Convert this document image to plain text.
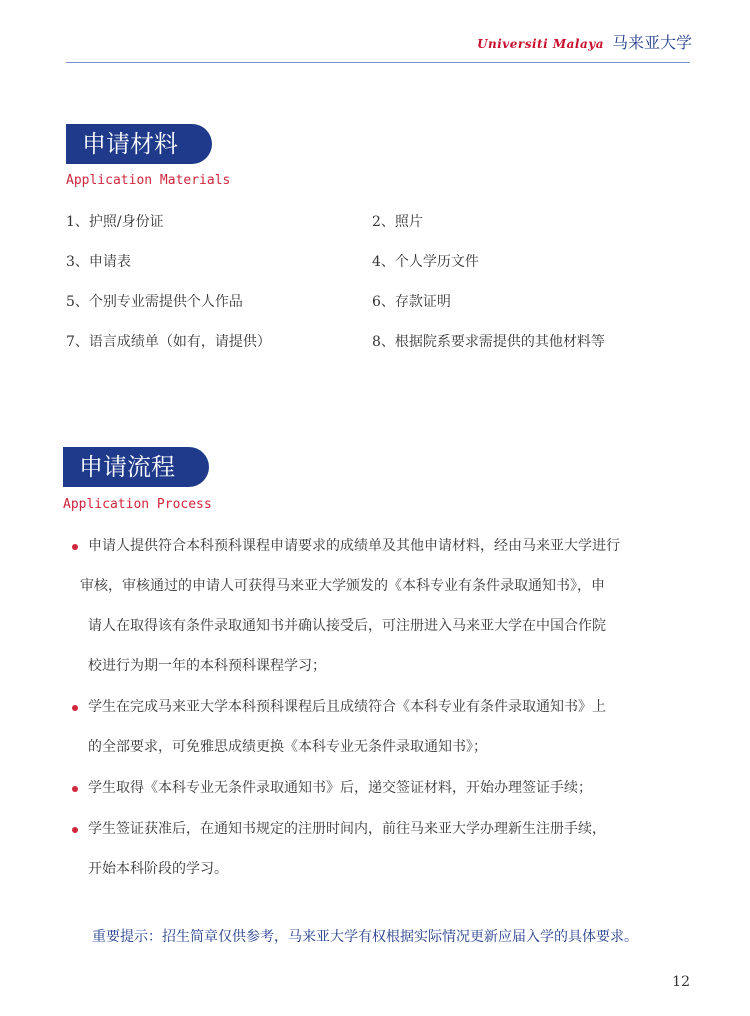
Universiti Malaya 马来亚大学
申请材料
Application Materials
1、护照/身份证	2、照片
3、申请表	4、个人学历文件
5、个别专业需提供个人作品	6、存款证明
7、语言成绩单（如有，请提供）	8、根据院系要求需提供的其他材料等
申请流程
Application Process
申请人提供符合本科预科课程申请要求的成绩单及其他申请材料，经由马来亚大学进行
审核，审核通过的申请人可获得马来亚大学颁发的《本科专业有条件录取通知书》，申
请人在取得该有条件录取通知书并确认接受后，可注册进入马来亚大学在中国合作院
校进行为期一年的本科预科课程学习；
学生在完成马来亚大学本科预科课程后且成绩符合《本科专业有条件录取通知书》上
的全部要求，可免雅思成绩更换《本科专业无条件录取通知书》；
学生取得《本科专业无条件录取通知书》后，递交签证材料，开始办理签证手续；
学生签证获准后，在通知书规定的注册时间内，前往马来亚大学办理新生注册手续，
开始本科阶段的学习。
重要提示：招生简章仅供参考，马来亚大学有权根据实际情况更新应届入学的具体要求。
12
